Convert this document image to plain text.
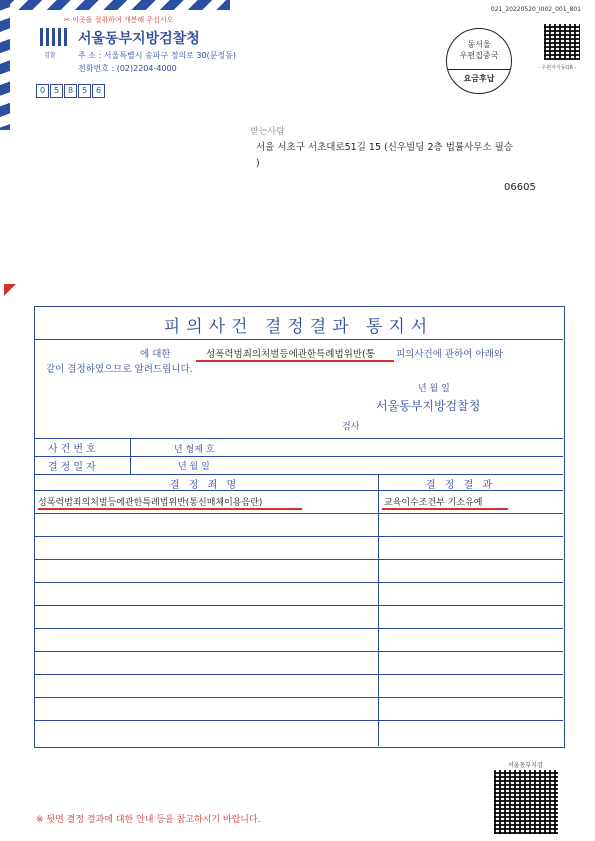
✂ 이곳을 절취하여 개봉해 주십시오
021_20220520_I002_001_801
검찰
서울동부지방검찰청
주 소 : 서울특별시 송파구 정의로 30(문정동)
전화번호 : (02)2204-4000
0 5 8 5 6
동서울
우편집중국
요금후납
- 우편자자동QR -
받는사람
서울 서초구 서초대로51길 15 (신우빌딩 2층 법률사무소 필승
)
06605
피의사건 결정결과 통지서
에 대한	성폭력범죄의처벌등에관한특례법위반(통 피의사건에 관하여 아래와
같이 결정하였으므로 알려드립니다.
년 월 일
서울동부지방검찰청
검사
사건번호	년 형제 호
결정일자	년 월 일
결 정 죄 명	결 정 결 과
성폭력범죄의처벌등에관한특례법위반(통신매체이용음란)	교육이수조건부 기소유예
서울동부지검
※ 뒷면 결정 결과에 대한 안내 등을 참고하시기 바랍니다.
